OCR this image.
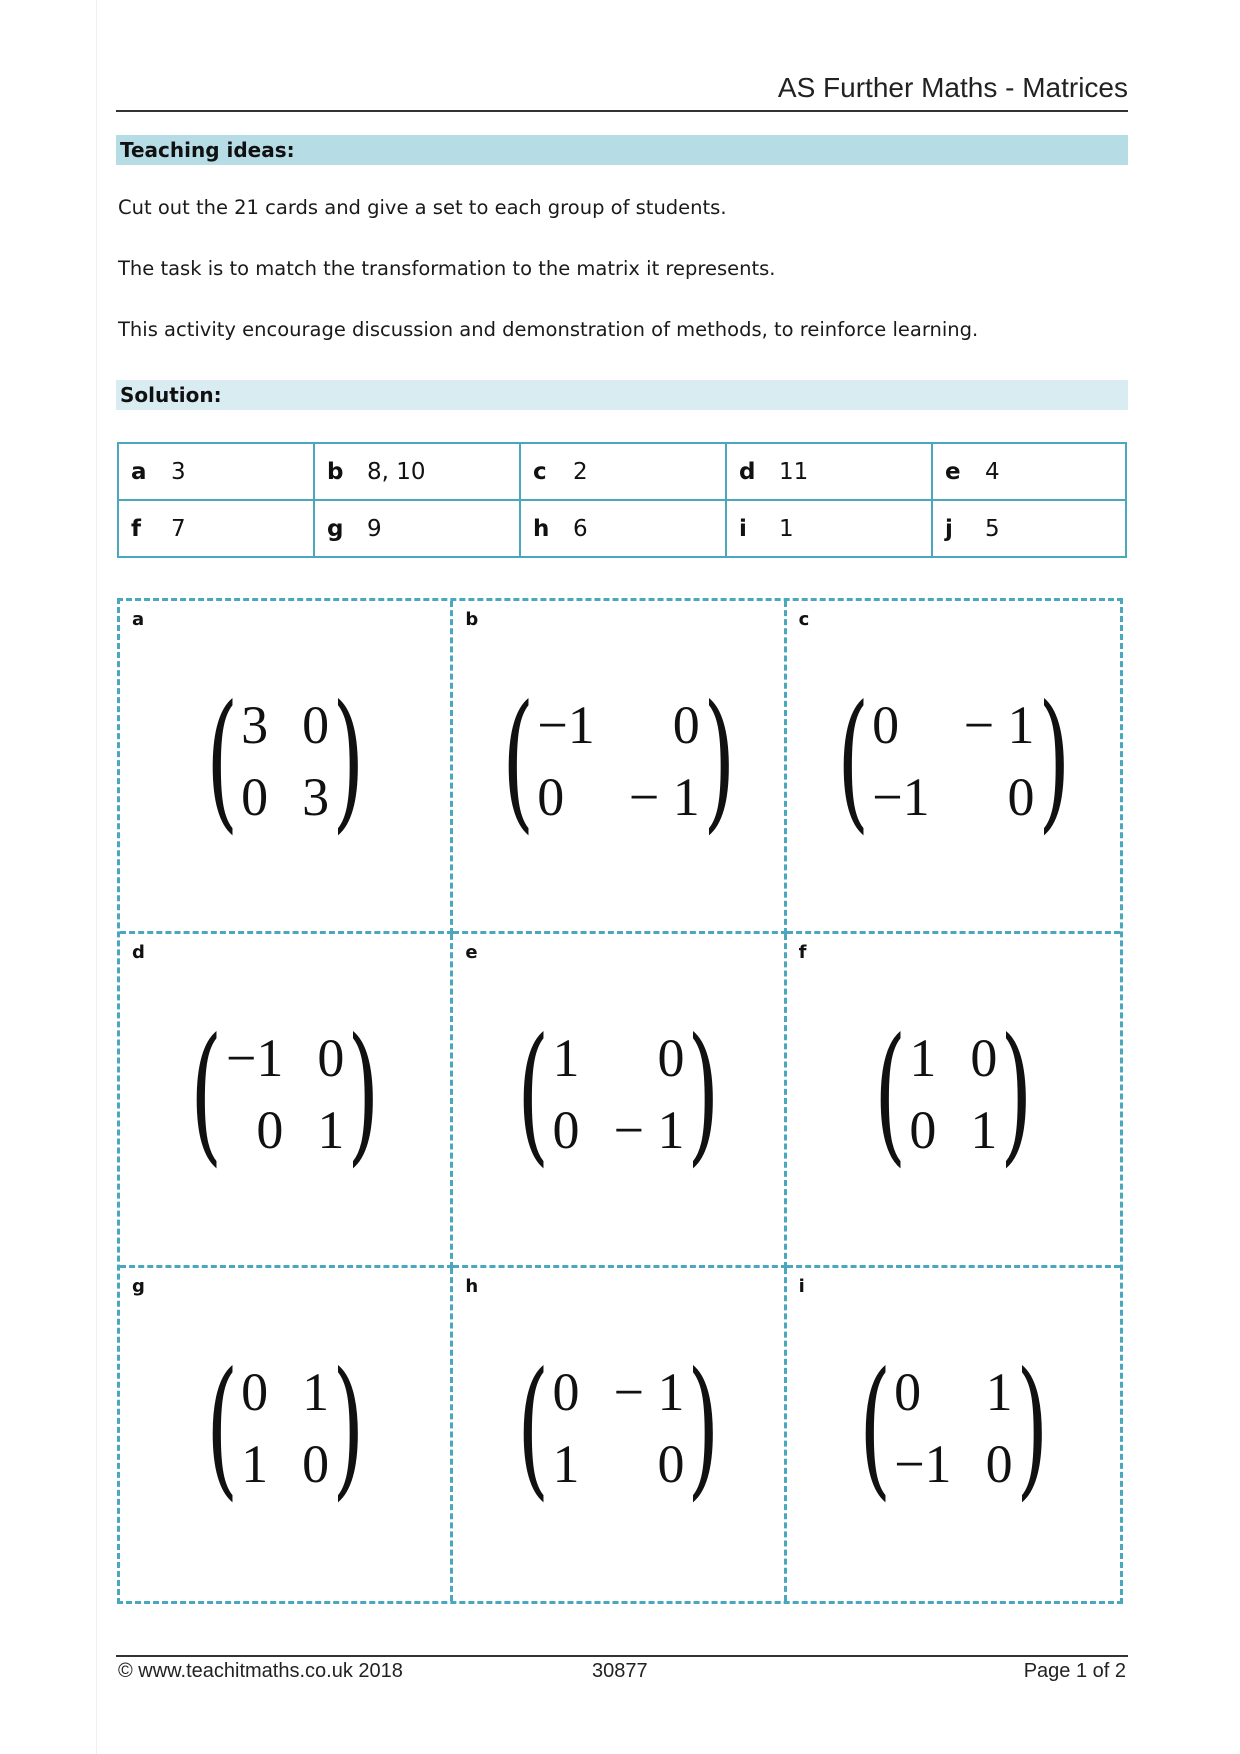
AS Further Maths - Matrices
Teaching ideas:
Cut out the 21 cards and give a set to each group of students.
The task is to match the transformation to the matrix it represents.
This activity encourage discussion and demonstration of methods, to reinforce learning.
Solution:
a 3	b 8, 10	c 2	d 11	e 4
f 7	g 9	h 6	i 1	j 5
a
( 3 0
0 3 )
b
( −1	0
0	− 1 )
c
( 0	− 1
−1	0 )
d
( −1 0
0 1 )
e
( 1	0
0 − 1 )
f
( 1 0
0 1 )
g
( 0 1
1 0 )
h
( 0 − 1
1	0 )
i
( 0	1
−1 0 )
© www.teachitmaths.co.uk 2018	30877	Page 1 of 2
